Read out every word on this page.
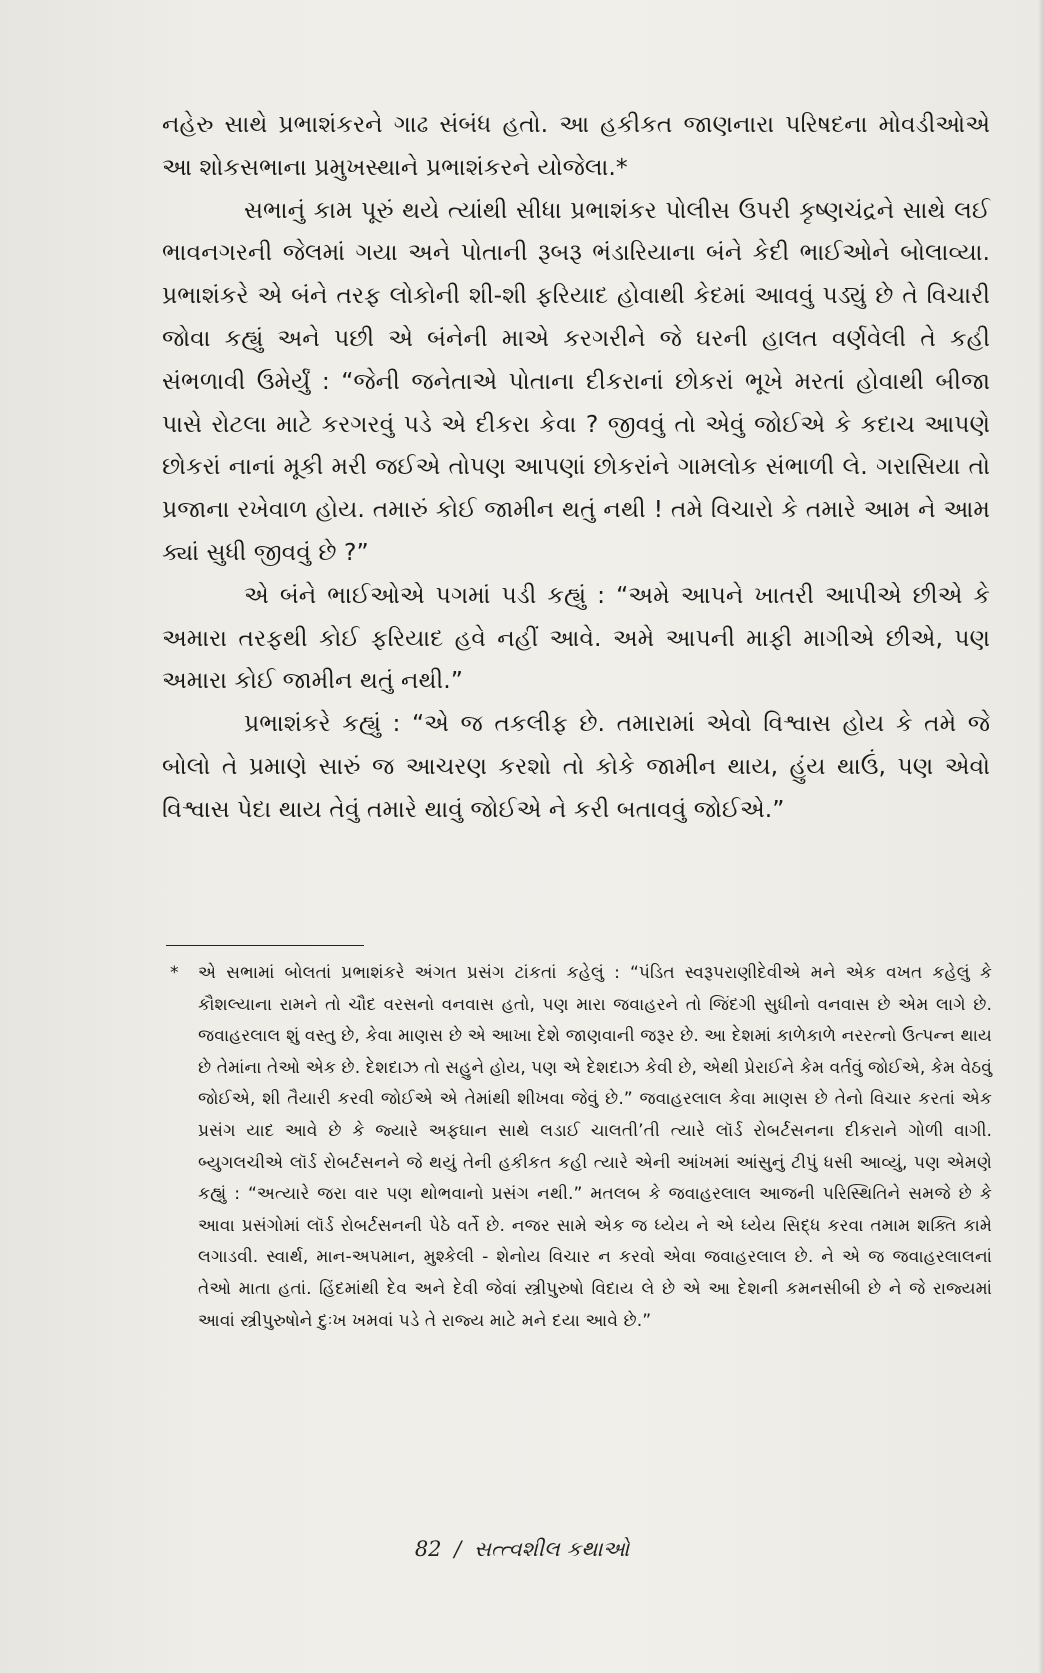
નહેરુ સાથે પ્રભાશંકરને ગાઢ સંબંધ હતો. આ હકીકત જાણનારા પરિષદના મોવડીઓએ આ શોકસભાના પ્રમુખસ્થાને પ્રભાશંકરને યોજેલા.*

સભાનું કામ પૂરું થયે ત્યાંથી સીધા પ્રભાશંકર પોલીસ ઉપરી કૃષ્ણચંદ્રને સાથે લઈ ભાવનગરની જેલમાં ગયા અને પોતાની રૂબરૂ ભંડારિયાના બંને કેદી ભાઈઓને બોલાવ્યા. પ્રભાશંકરે એ બંને તરફ લોકોની શી-શી ફરિયાદ હોવાથી કેદમાં આવવું પડ્યું છે તે વિચારી જોવા કહ્યું અને પછી એ બંનેની માએ કરગરીને જે ઘરની હાલત વર્ણવેલી તે કહી સંભળાવી ઉમેર્યું : “જેની જનેતાએ પોતાના દીકરાનાં છોકરાં ભૂખે મરતાં હોવાથી બીજા પાસે રોટલા માટે કરગરવું પડે એ દીકરા કેવા ? જીવવું તો એવું જોઈએ કે કદાચ આપણે છોકરાં નાનાં મૂકી મરી જઈએ તોપણ આપણાં છોકરાંને ગામલોક સંભાળી લે. ગરાસિયા તો પ્રજાના રખેવાળ હોય. તમારું કોઈ જામીન થતું નથી ! તમે વિચારો કે તમારે આમ ને આમ ક્યાં સુધી જીવવું છે ?”

એ બંને ભાઈઓએ પગમાં પડી કહ્યું : “અમે આપને ખાતરી આપીએ છીએ કે અમારા તરફથી કોઈ ફરિયાદ હવે નહીં આવે. અમે આપની માફી માગીએ છીએ, પણ અમારા કોઈ જામીન થતું નથી.”

પ્રભાશંકરે કહ્યું : “એ જ તકલીફ છે. તમારામાં એવો વિશ્વાસ હોય કે તમે જે બોલો તે પ્રમાણે સારું જ આચરણ કરશો તો કોકે જામીન થાય, હુંય થાઉં, પણ એવો વિશ્વાસ પેદા થાય તેવું તમારે થાવું જોઈએ ને કરી બતાવવું જોઈએ.”

* એ સભામાં બોલતાં પ્રભાશંકરે અંગત પ્રસંગ ટાંકતાં કહેલું : “પંડિત સ્વરૂપરાણીદેવીએ મને એક વખત કહેલું કે કૌશલ્યાના રામને તો ચૌદ વરસનો વનવાસ હતો, પણ મારા જવાહરને તો જિંદગી સુધીનો વનવાસ છે એમ લાગે છે. જવાહરલાલ શું વસ્તુ છે, કેવા માણસ છે એ આખા દેશે જાણવાની જરૂર છે. આ દેશમાં કાળેકાળે નરરત્નો ઉત્પન્ન થાય છે તેમાંના તેઓ એક છે. દેશદાઝ તો સહુને હોય, પણ એ દેશદાઝ કેવી છે, એથી પ્રેરાઈને કેમ વર્તવું જોઈએ, કેમ વેઠવું જોઈએ, શી તૈયારી કરવી જોઈએ એ તેમાંથી શીખવા જેવું છે.” જવાહરલાલ કેવા માણસ છે તેનો વિચાર કરતાં એક પ્રસંગ યાદ આવે છે કે જ્યારે અફઘાન સાથે લડાઈ ચાલતી’તી ત્યારે લૉર્ડ રોબર્ટસનના દીકરાને ગોળી વાગી. બ્યુગલચીએ લૉર્ડ રોબર્ટસનને જે થયું તેની હકીકત કહી ત્યારે એની આંખમાં આંસુનું ટીપું ધસી આવ્યું, પણ એમણે કહ્યું : “અત્યારે જરા વાર પણ થોભવાનો પ્રસંગ નથી.” મતલબ કે જવાહરલાલ આજની પરિસ્થિતિને સમજે છે કે આવા પ્રસંગોમાં લૉર્ડ રોબર્ટસનની પેઠે વર્તે છે. નજર સામે એક જ ધ્યેય ને એ ધ્યેય સિદ્ધ કરવા તમામ શક્તિ કામે લગાડવી. સ્વાર્થ, માન-અપમાન, મુશ્કેલી - શેનોય વિચાર ન કરવો એવા જવાહરલાલ છે. ને એ જ જવાહરલાલનાં તેઓ માતા હતાં. હિંદમાંથી દેવ અને દેવી જેવાં સ્ત્રીપુરુષો વિદાય લે છે એ આ દેશની કમનસીબી છે ને જે રાજ્યમાં આવાં સ્ત્રીપુરુષોને દુઃખ ખમવાં પડે તે રાજ્ય માટે મને દયા આવે છે.”
82 / સત્ત્વશીલ કથાઓ
